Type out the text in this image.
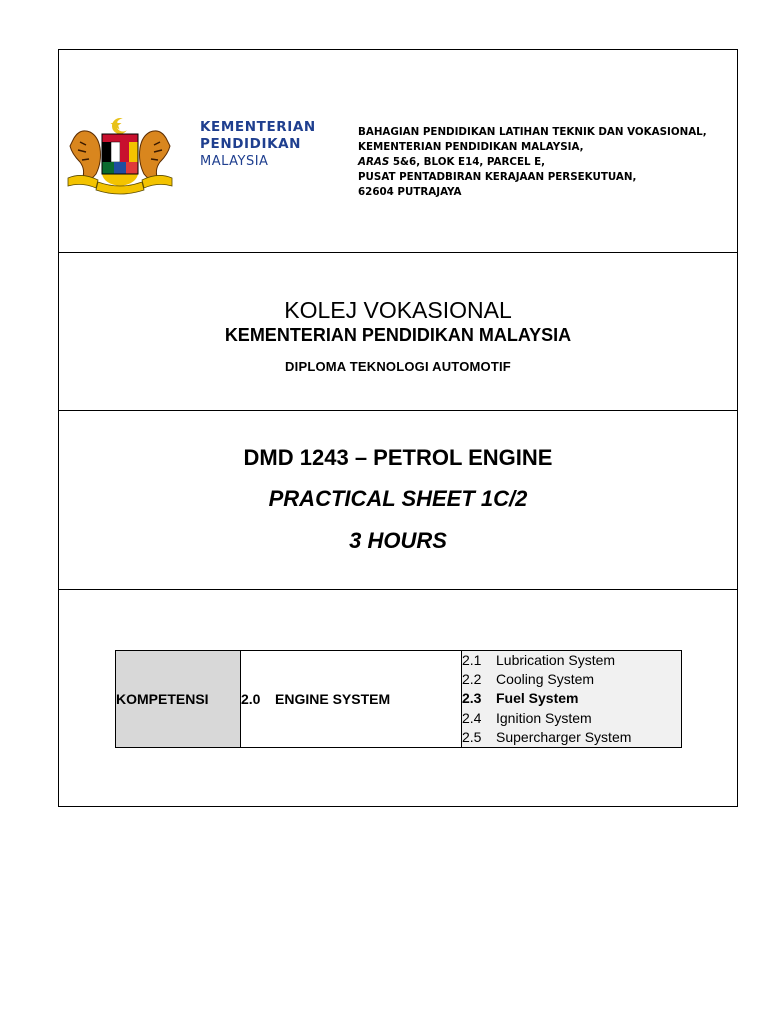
KEMENTERIAN
PENDIDIKAN
MALAYSIA
BAHAGIAN PENDIDIKAN LATIHAN TEKNIK DAN VOKASIONAL,
KEMENTERIAN PENDIDIKAN MALAYSIA,
ARAS 5&6, BLOK E14, PARCEL E,
PUSAT PENTADBIRAN KERAJAAN PERSEKUTUAN,
62604 PUTRAJAYA
KOLEJ VOKASIONAL
KEMENTERIAN PENDIDIKAN MALAYSIA
DIPLOMA TEKNOLOGI AUTOMOTIF
DMD 1243 – PETROL ENGINE
PRACTICAL SHEET 1C/2
3 HOURS
KOMPETENSI	2.0 ENGINE SYSTEM	
2.1 Lubrication System
2.2 Cooling System
2.3 Fuel System
2.4 Ignition System
2.5 Supercharger System
